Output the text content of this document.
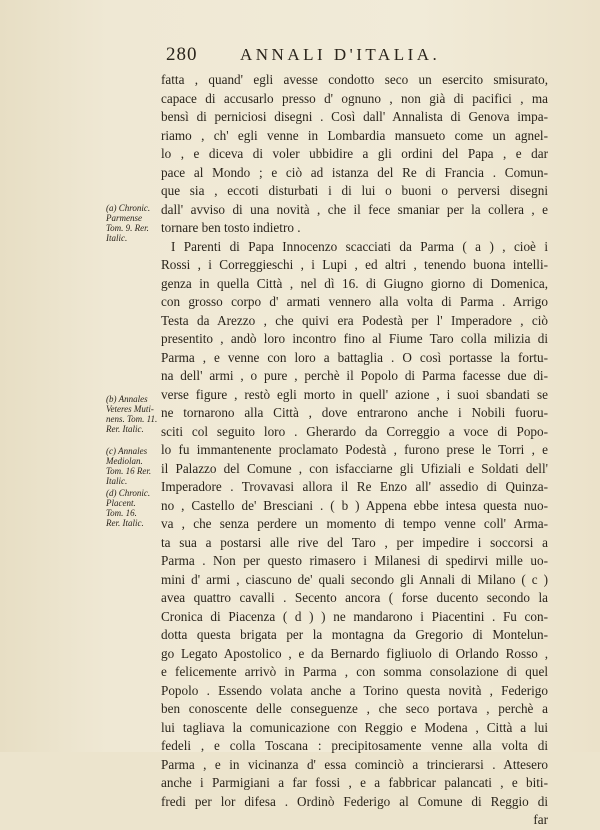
280	ANNALI D'ITALIA.
fatta , quand' egli avesse condotto seco un esercito smisurato,
capace di accusarlo presso d' ognuno , non già di pacifici , ma
bensì di perniciosi disegni . Così dall' Annalista di Genova impa-
riamo , ch' egli venne in Lombardia mansueto come un agnel-
lo , e diceva di voler ubbidire a gli ordini del Papa , e dar
pace al Mondo ; e ciò ad istanza del Re di Francia . Comun-
que sia , eccoti disturbati i di lui o buoni o perversi disegni
dall' avviso di una novità , che il fece smaniar per la collera , e
tornare ben tosto indietro .
I Parenti di Papa Innocenzo scacciati da Parma ( a ) , cioè i
Rossi , i Correggieschi , i Lupi , ed altri , tenendo buona intelli-
genza in quella Città , nel dì 16. di Giugno giorno di Domenica,
con grosso corpo d' armati vennero alla volta di Parma . Arrigo
Testa da Arezzo , che quivi era Podestà per l' Imperadore , ciò
presentito , andò loro incontro fino al Fiume Taro colla milizia di
Parma , e venne con loro a battaglia . O così portasse la fortu-
na dell' armi , o pure , perchè il Popolo di Parma facesse due di-
verse figure , restò egli morto in quell' azione , i suoi sbandati se
ne tornarono alla Città , dove entrarono anche i Nobili fuoru-
sciti col seguito loro . Gherardo da Correggio a voce di Popo-
lo fu immantenente proclamato Podestà , furono prese le Torri , e
il Palazzo del Comune , con isfacciarne gli Ufiziali e Soldati dell'
Imperadore . Trovavasi allora il Re Enzo all' assedio di Quinza-
no , Castello de' Bresciani . ( b ) Appena ebbe intesa questa nuo-
va , che senza perdere un momento di tempo venne coll' Arma-
ta sua a postarsi alle rive del Taro , per impedire i soccorsi a
Parma . Non per questo rimasero i Milanesi di spedirvi mille uo-
mini d' armi , ciascuno de' quali secondo gli Annali di Milano ( c )
avea quattro cavalli . Secento ancora ( forse ducento secondo la
Cronica di Piacenza ( d ) ) ne mandarono i Piacentini . Fu con-
dotta questa brigata per la montagna da Gregorio di Montelun-
go Legato Apostolico , e da Bernardo figliuolo di Orlando Rosso ,
e felicemente arrivò in Parma , con somma consolazione di quel
Popolo . Essendo volata anche a Torino questa novità , Federigo
ben conoscente delle conseguenze , che seco portava , perchè a
lui tagliava la comunicazione con Reggio e Modena , Città a lui
fedeli , e colla Toscana : precipitosamente venne alla volta di
Parma , e in vicinanza d' essa cominciò a trincierarsi . Attesero
anche i Parmigiani a far fossi , e a fabbricar palancati , e biti-
fredi per lor difesa . Ordinò Federigo al Comune di Reggio di
far
(a) Chronic.
Parmense
Tom. 9. Rer.
Italic.
(b) Annales
Veteres Muti-
nens. Tom. 11.
Rer. Italic.
(c) Annales
Mediolan.
Tom. 16 Rer.
Italic.
(d) Chronic.
Placent.
Tom. 16.
Rer. Italic.
